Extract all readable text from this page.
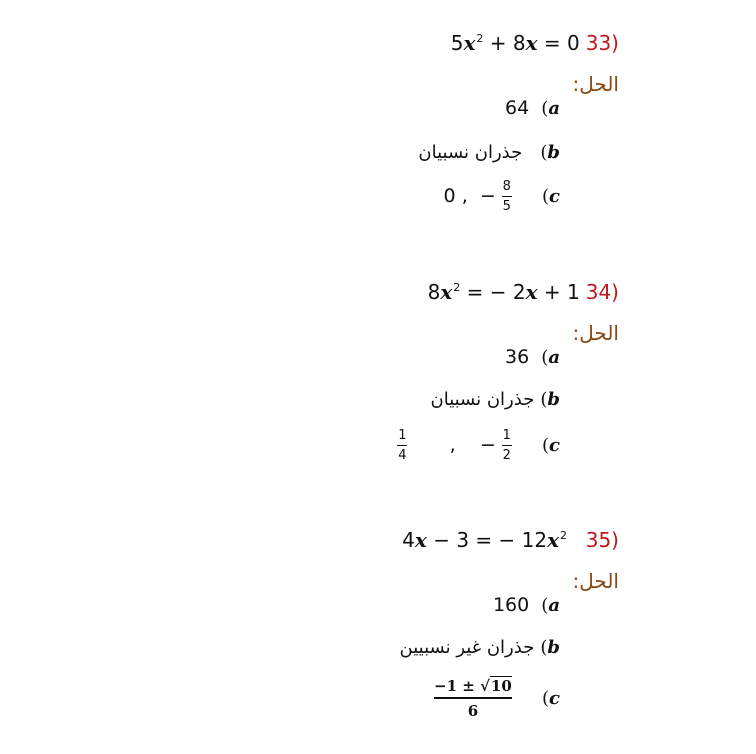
$5x^2 + 8x = 0$ 33)
الحل:
64 (a
جذران نسبيان (b
0 , − $\frac{8}{5} (c$
$8x^2$ = − 2x + 1 34)
الحل:
36 (a
جذران نسبيان (b
$\frac{1}{4}$ , − $\frac{1}{2} (c$
4x − 3 = − $12x^2$ 35)
الحل:
160 (a
جذران غير نسبيين (b
$\frac{-1 \pm √10}{6} (c$
